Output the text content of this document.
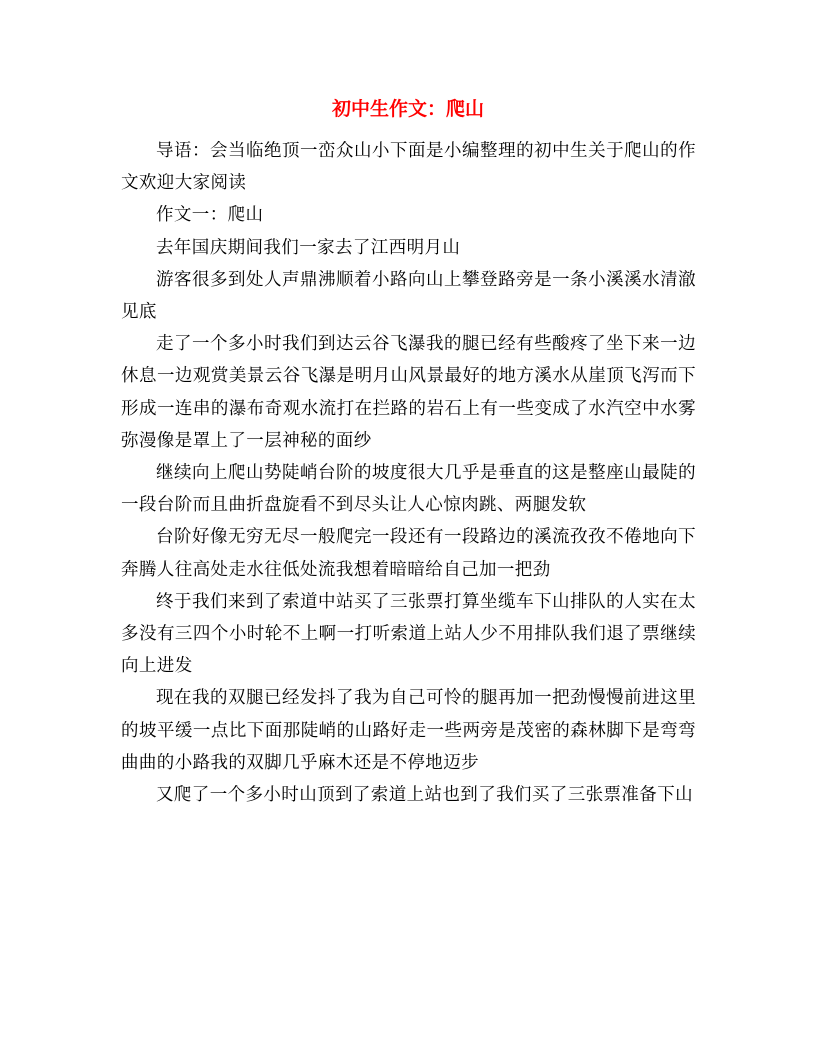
初中生作文：爬山

导语：会当临绝顶一峦众山小下面是小编整理的初中生关于爬山的作文欢迎大家阅读

作文一：爬山

去年国庆期间我们一家去了江西明月山

游客很多到处人声鼎沸顺着小路向山上攀登路旁是一条小溪溪水清澈见底

走了一个多小时我们到达云谷飞瀑我的腿已经有些酸疼了坐下来一边休息一边观赏美景云谷飞瀑是明月山风景最好的地方溪水从崖顶飞泻而下形成一连串的瀑布奇观水流打在拦路的岩石上有一些变成了水汽空中水雾弥漫像是罩上了一层神秘的面纱

继续向上爬山势陡峭台阶的坡度很大几乎是垂直的这是整座山最陡的一段台阶而且曲折盘旋看不到尽头让人心惊肉跳、两腿发软

台阶好像无穷无尽一般爬完一段还有一段路边的溪流孜孜不倦地向下奔腾人往高处走水往低处流我想着暗暗给自己加一把劲

终于我们来到了索道中站买了三张票打算坐缆车下山排队的人实在太多没有三四个小时轮不上啊一打听索道上站人少不用排队我们退了票继续向上进发

现在我的双腿已经发抖了我为自己可怜的腿再加一把劲慢慢前进这里的坡平缓一点比下面那陡峭的山路好走一些两旁是茂密的森林脚下是弯弯曲曲的小路我的双脚几乎麻木还是不停地迈步

又爬了一个多小时山顶到了索道上站也到了我们买了三张票准备下山
